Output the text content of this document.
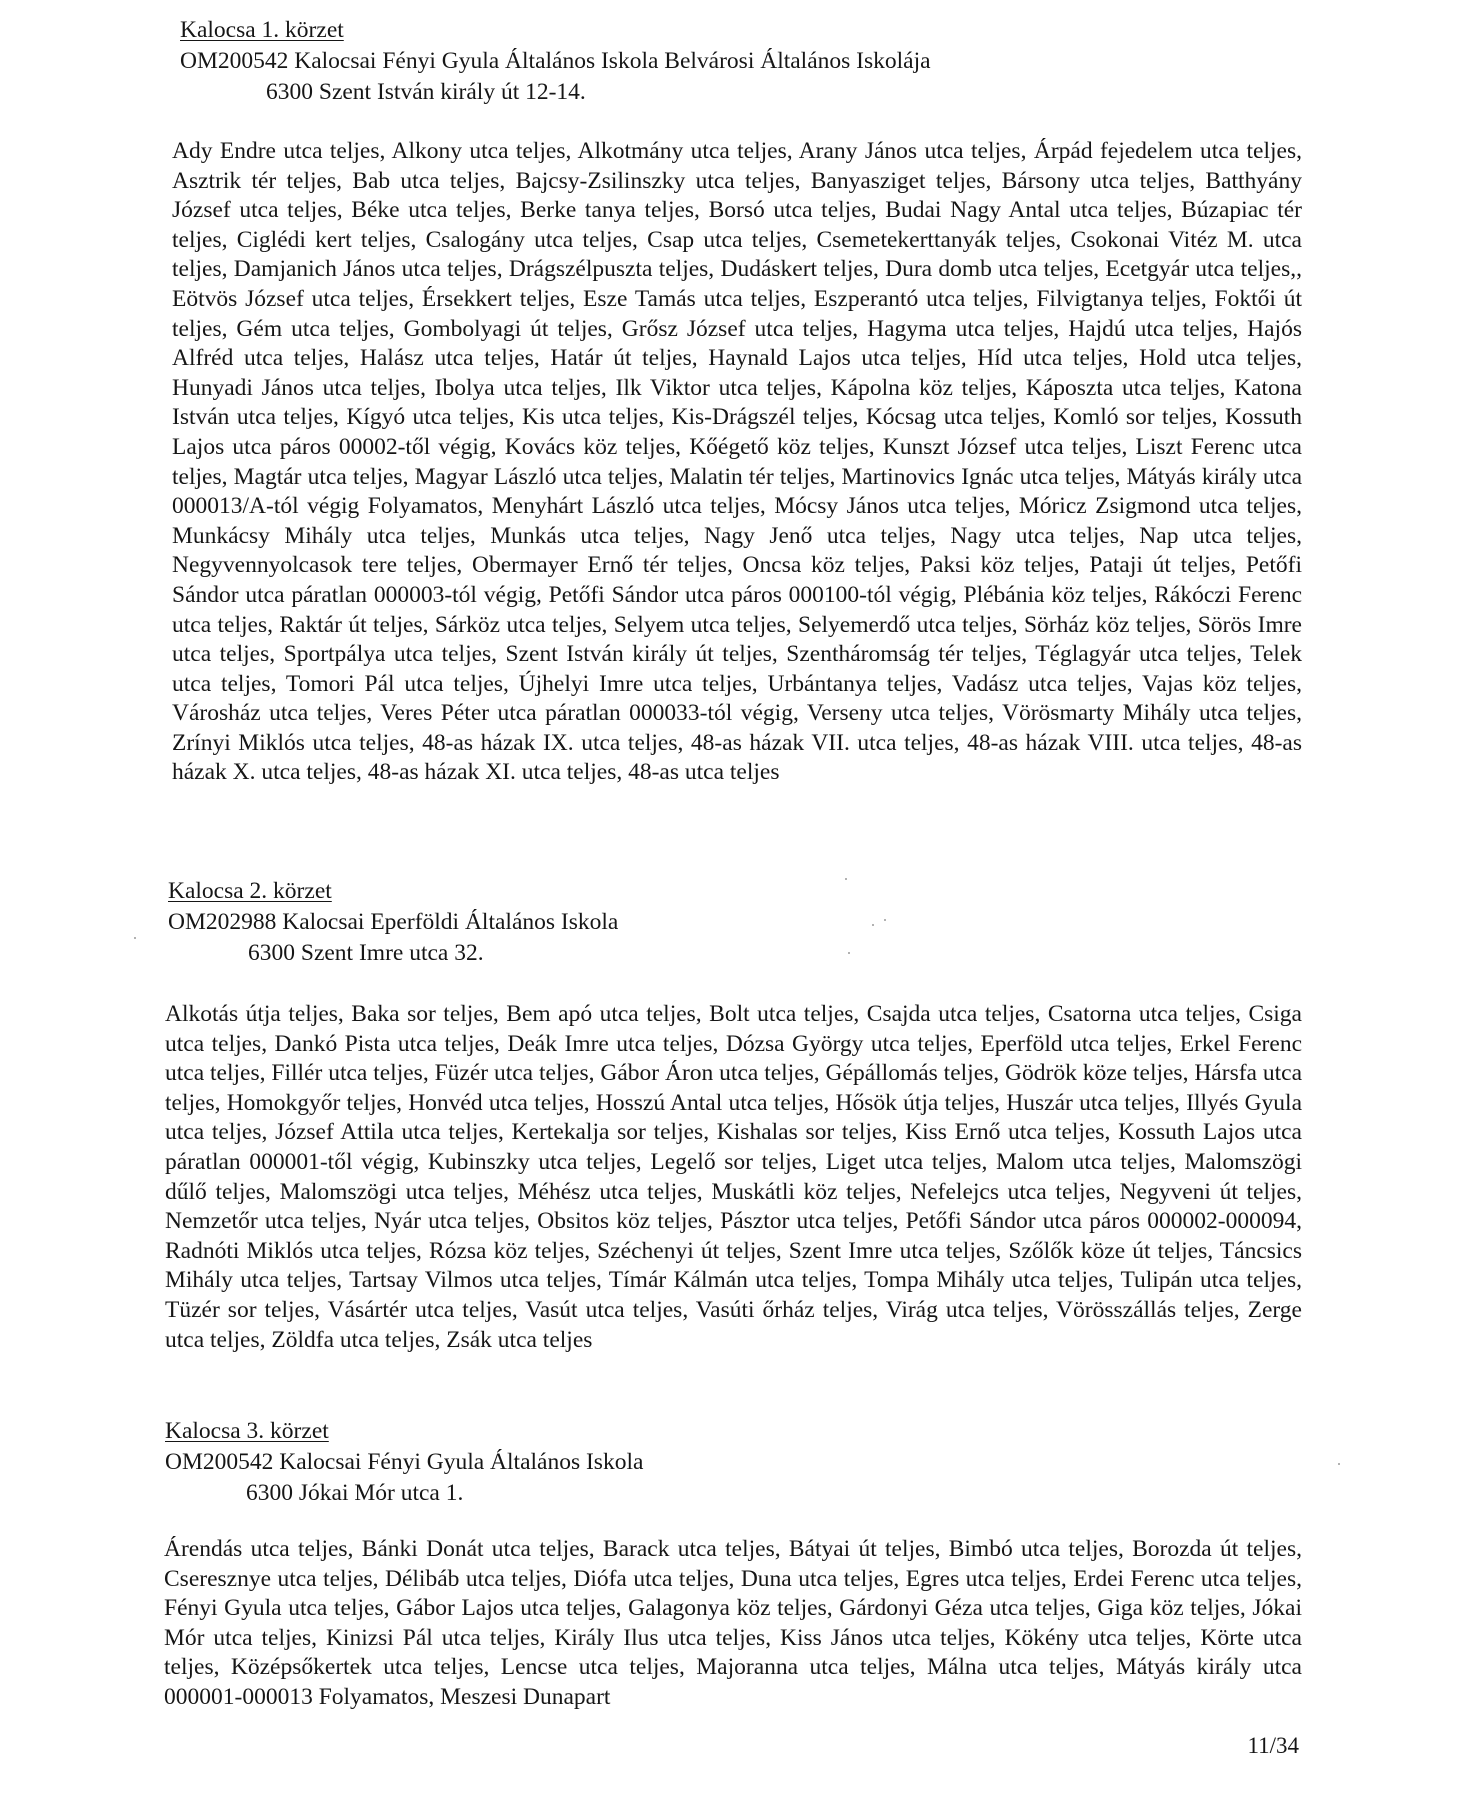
Kalocsa 1. körzet
OM200542 Kalocsai Fényi Gyula Általános Iskola Belvárosi Általános Iskolája
6300 Szent István király út 12-14.

Ady Endre utca teljes, Alkony utca teljes, Alkotmány utca teljes, Arany János utca teljes, Árpád fejedelem utca teljes, Asztrik tér teljes, Bab utca teljes, Bajcsy-Zsilinszky utca teljes, Banyasziget teljes, Bársony utca teljes, Batthyány József utca teljes, Béke utca teljes, Berke tanya teljes, Borsó utca teljes, Budai Nagy Antal utca teljes, Búzapiac tér teljes, Ciglédi kert teljes, Csalogány utca teljes, Csap utca teljes, Csemetekerttanyák teljes, Csokonai Vitéz M. utca teljes, Damjanich János utca teljes, Drágszélpuszta teljes, Dudáskert teljes, Dura domb utca teljes, Ecetgyár utca teljes,, Eötvös József utca teljes, Érsekkert teljes, Esze Tamás utca teljes, Eszperantó utca teljes, Filvigtanya teljes, Foktői út teljes, Gém utca teljes, Gombolyagi út teljes, Grősz József utca teljes, Hagyma utca teljes, Hajdú utca teljes, Hajós Alfréd utca teljes, Halász utca teljes, Határ út teljes, Haynald Lajos utca teljes, Híd utca teljes, Hold utca teljes, Hunyadi János utca teljes, Ibolya utca teljes, Ilk Viktor utca teljes, Kápolna köz teljes, Káposzta utca teljes, Katona István utca teljes, Kígyó utca teljes, Kis utca teljes, Kis-Drágszél teljes, Kócsag utca teljes, Komló sor teljes, Kossuth Lajos utca páros 00002-től végig, Kovács köz teljes, Kőégető köz teljes, Kunszt József utca teljes, Liszt Ferenc utca teljes, Magtár utca teljes, Magyar László utca teljes, Malatin tér teljes, Martinovics Ignác utca teljes, Mátyás király utca 000013/A-tól végig Folyamatos, Menyhárt László utca teljes, Mócsy János utca teljes, Móricz Zsigmond utca teljes, Munkácsy Mihály utca teljes, Munkás utca teljes, Nagy Jenő utca teljes, Nagy utca teljes, Nap utca teljes, Negyvennyolcasok tere teljes, Obermayer Ernő tér teljes, Oncsa köz teljes, Paksi köz teljes, Pataji út teljes, Petőfi Sándor utca páratlan 000003-tól végig, Petőfi Sándor utca páros 000100-tól végig, Plébánia köz teljes, Rákóczi Ferenc utca teljes, Raktár út teljes, Sárköz utca teljes, Selyem utca teljes, Selyemerdő utca teljes, Sörház köz teljes, Sörös Imre utca teljes, Sportpálya utca teljes, Szent István király út teljes, Szentháromság tér teljes, Téglagyár utca teljes, Telek utca teljes, Tomori Pál utca teljes, Újhelyi Imre utca teljes, Urbántanya teljes, Vadász utca teljes, Vajas köz teljes, Városház utca teljes, Veres Péter utca páratlan 000033-tól végig, Verseny utca teljes, Vörösmarty Mihály utca teljes, Zrínyi Miklós utca teljes, 48-as házak IX. utca teljes, 48-as házak VII. utca teljes, 48-as házak VIII. utca teljes, 48-as házak X. utca teljes, 48-as házak XI. utca teljes, 48-as utca teljes

Kalocsa 2. körzet
OM202988 Kalocsai Eperföldi Általános Iskola
6300 Szent Imre utca 32.

Alkotás útja teljes, Baka sor teljes, Bem apó utca teljes, Bolt utca teljes, Csajda utca teljes, Csatorna utca teljes, Csiga utca teljes, Dankó Pista utca teljes, Deák Imre utca teljes, Dózsa György utca teljes, Eperföld utca teljes, Erkel Ferenc utca teljes, Fillér utca teljes, Füzér utca teljes, Gábor Áron utca teljes, Gépállomás teljes, Gödrök köze teljes, Hársfa utca teljes, Homokgyőr teljes, Honvéd utca teljes, Hosszú Antal utca teljes, Hősök útja teljes, Huszár utca teljes, Illyés Gyula utca teljes, József Attila utca teljes, Kertekalja sor teljes, Kishalas sor teljes, Kiss Ernő utca teljes, Kossuth Lajos utca páratlan 000001-től végig, Kubinszky utca teljes, Legelő sor teljes, Liget utca teljes, Malom utca teljes, Malomszögi dűlő teljes, Malomszögi utca teljes, Méhész utca teljes, Muskátli köz teljes, Nefelejcs utca teljes, Negyveni út teljes, Nemzetőr utca teljes, Nyár utca teljes, Obsitos köz teljes, Pásztor utca teljes, Petőfi Sándor utca páros 000002-000094, Radnóti Miklós utca teljes, Rózsa köz teljes, Széchenyi út teljes, Szent Imre utca teljes, Szőlők köze út teljes, Táncsics Mihály utca teljes, Tartsay Vilmos utca teljes, Tímár Kálmán utca teljes, Tompa Mihály utca teljes, Tulipán utca teljes, Tüzér sor teljes, Vásártér utca teljes, Vasút utca teljes, Vasúti őrház teljes, Virág utca teljes, Vörösszállás teljes, Zerge utca teljes, Zöldfa utca teljes, Zsák utca teljes

Kalocsa 3. körzet
OM200542 Kalocsai Fényi Gyula Általános Iskola
6300 Jókai Mór utca 1.

Árendás utca teljes, Bánki Donát utca teljes, Barack utca teljes, Bátyai út teljes, Bimbó utca teljes, Borozda út teljes, Cseresznye utca teljes, Délibáb utca teljes, Diófa utca teljes, Duna utca teljes, Egres utca teljes, Erdei Ferenc utca teljes, Fényi Gyula utca teljes, Gábor Lajos utca teljes, Galagonya köz teljes, Gárdonyi Géza utca teljes, Giga köz teljes, Jókai Mór utca teljes, Kinizsi Pál utca teljes, Király Ilus utca teljes, Kiss János utca teljes, Kökény utca teljes, Körte utca teljes, Középsőkertek utca teljes, Lencse utca teljes, Majoranna utca teljes, Málna utca teljes, Mátyás király utca 000001-000013 Folyamatos, Meszesi Dunapart

11/34
